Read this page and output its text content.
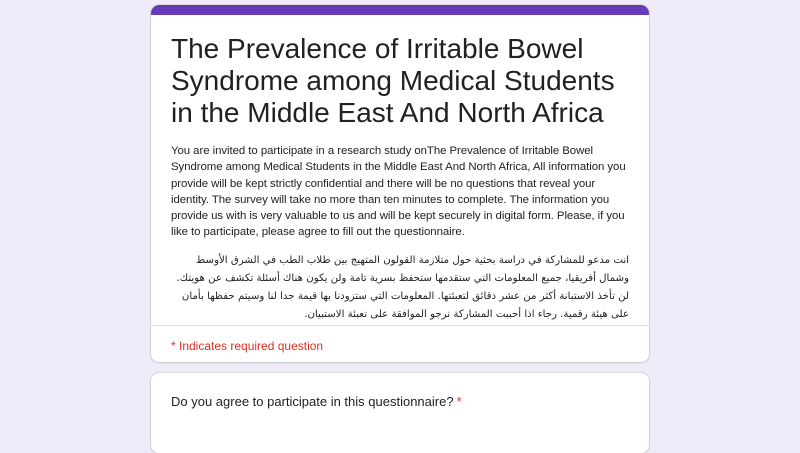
The Prevalence of Irritable Bowel Syndrome among Medical Students in the Middle East And North Africa

You are invited to participate in a research study onThe Prevalence of Irritable Bowel Syndrome among Medical Students in the Middle East And North Africa, All information you provide will be kept strictly confidential and there will be no questions that reveal your identity. The survey will take no more than ten minutes to complete. The information you provide us with is very valuable to us and will be kept securely in digital form. Please, if you like to participate, please agree to fill out the questionnaire.

انت مدعو للمشاركة في دراسة بحثية حول متلازمة القولون المتهيج بين طلاب الطب في الشرق الأوسط وشمال أفريقيا، جميع المعلومات التي ستقدمها ستحفظ بسرية تامة ولن يكون هناك أسئلة تكشف عن هويتك. لن تأخذ الاستبانة أكثر من عشر دقائق لتعبئتها. المعلومات التي ستزودنا بها قيمة جدا لنا وسيتم حفظها بأمان على هيئة رقمية. رجاء اذا أحببت المشاركة نرجو الموافقة على تعبئة الاستبيان.

* Indicates required question
Do you agree to participate in this questionnaire? *
